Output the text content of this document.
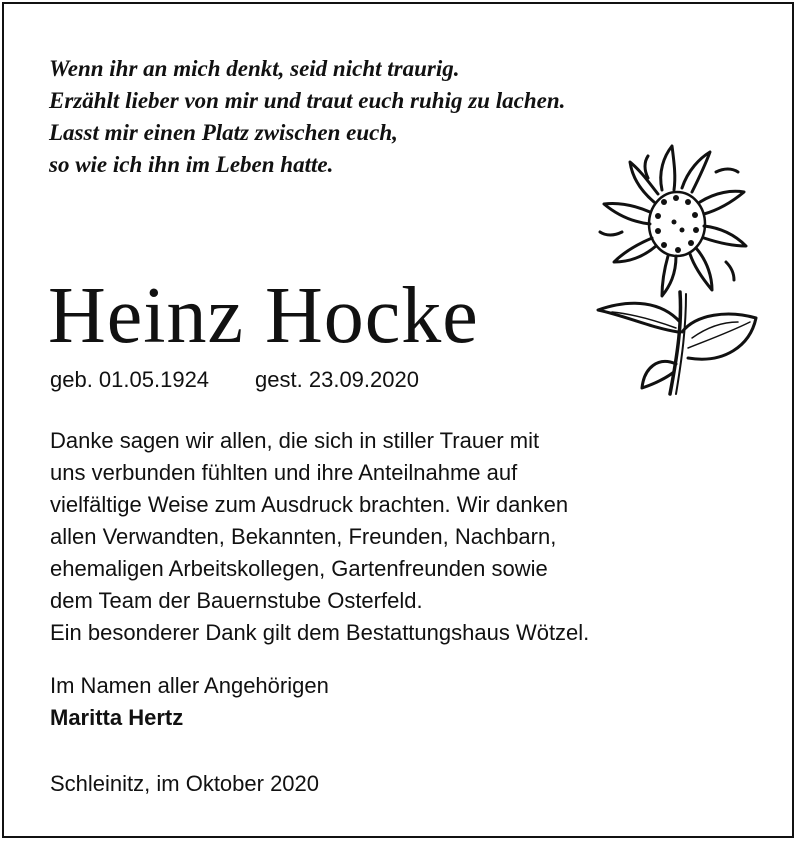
Wenn ihr an mich denkt, seid nicht traurig.
Erzählt lieber von mir und traut euch ruhig zu lachen.
Lasst mir einen Platz zwischen euch,
so wie ich ihn im Leben hatte.
Heinz Hocke
geb. 01.05.1924 gest. 23.09.2020
Danke sagen wir allen, die sich in stiller Trauer mit
uns verbunden fühlten und ihre Anteilnahme auf
vielfältige Weise zum Ausdruck brachten. Wir danken
allen Verwandten, Bekannten, Freunden, Nachbarn,
ehemaligen Arbeitskollegen, Gartenfreunden sowie
dem Team der Bauernstube Osterfeld.
Ein besonderer Dank gilt dem Bestattungshaus Wötzel.
Im Namen aller Angehörigen
Maritta Hertz
Schleinitz, im Oktober 2020
